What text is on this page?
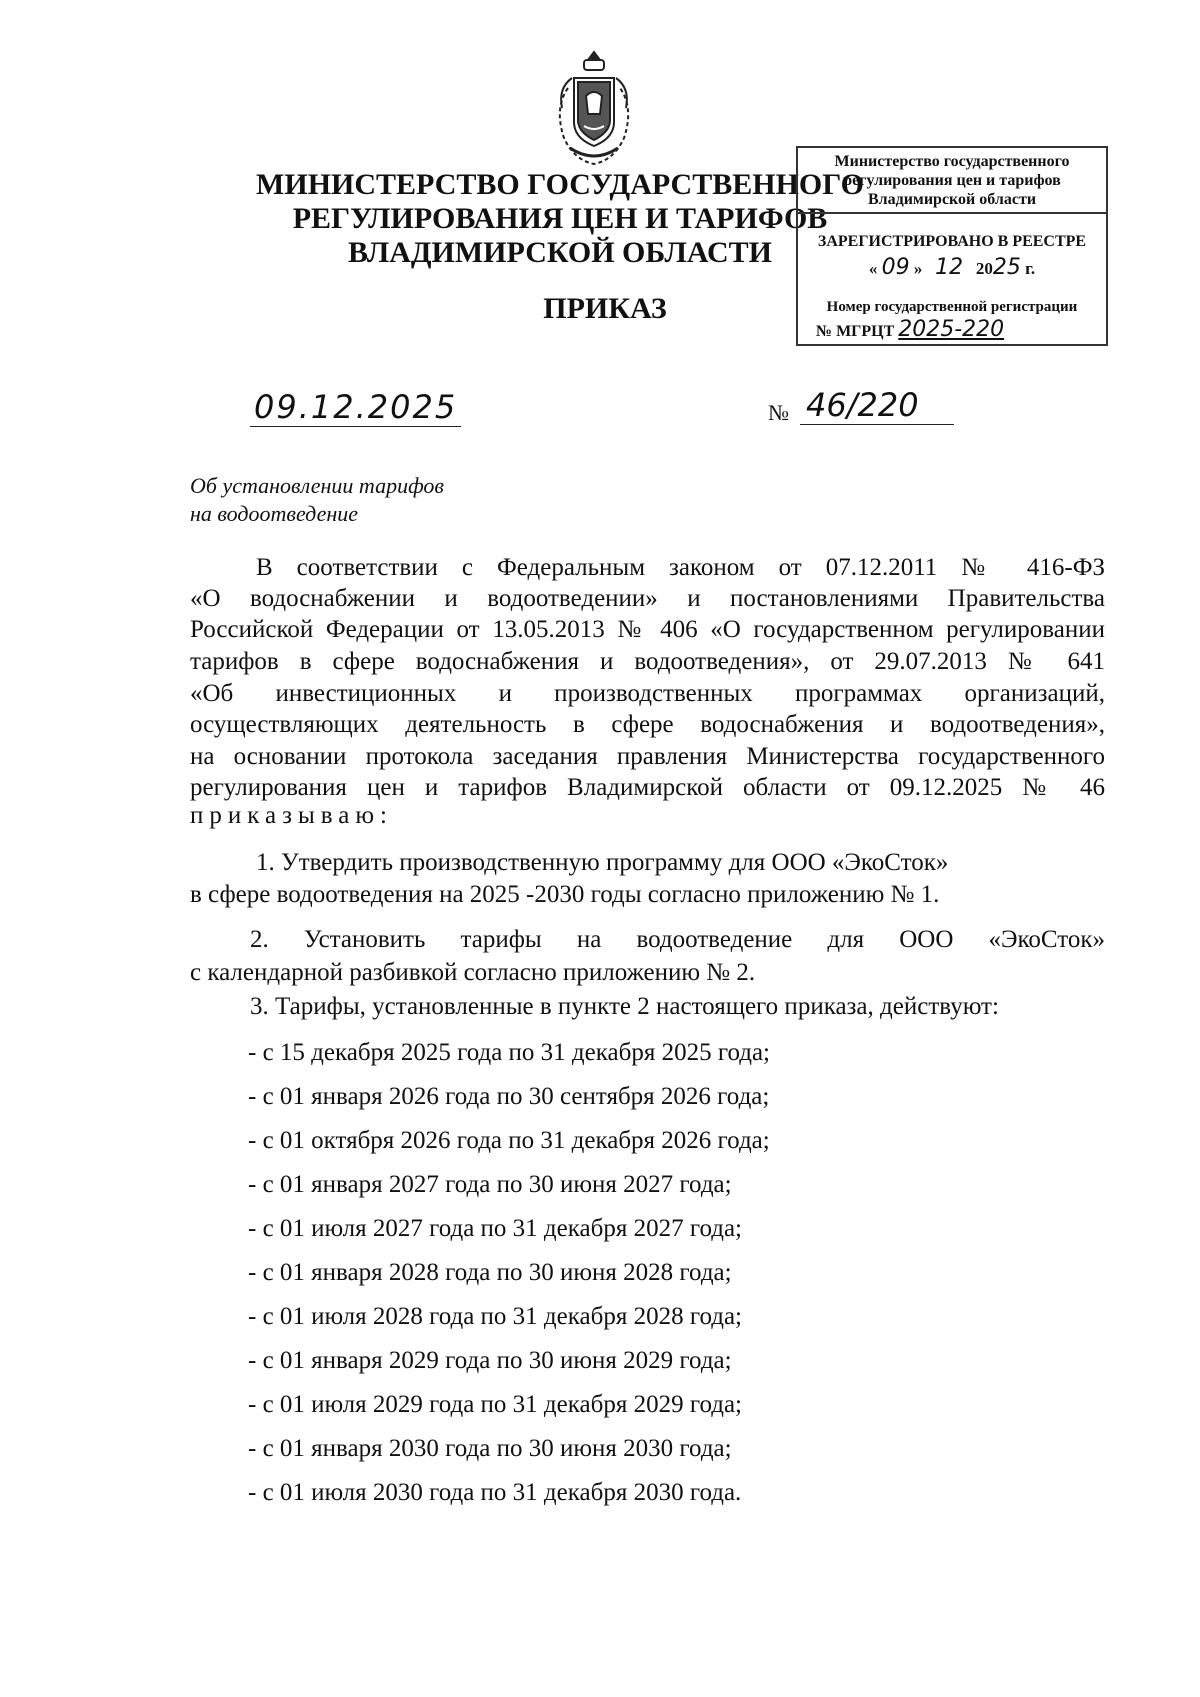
МИНИСТЕРСТВО ГОСУДАРСТВЕННОГО
РЕГУЛИРОВАНИЯ ЦЕН И ТАРИФОВ
ВЛАДИМИРСКОЙ ОБЛАСТИ
ПРИКАЗ
Министерство государственного
регулирования цен и тарифов
Владимирской области
ЗАРЕГИСТРИРОВАНО В РЕЕСТРЕ
« 09 » 12 2025 г.
Номер государственной регистрации
№ МГРЦТ 2025-220
09.12.2025	№ 46/220
Об установлении тарифов
на водоотведение
В соответствии с Федеральным законом от 07.12.2011 № 416-ФЗ
«О водоснабжении и водоотведении» и постановлениями Правительства
Российской Федерации от 13.05.2013 № 406 «О государственном регулировании
тарифов в сфере водоснабжения и водоотведения», от 29.07.2013 № 641
«Об инвестиционных и производственных программах организаций,
осуществляющих деятельность в сфере водоснабжения и водоотведения»,
на основании протокола заседания правления Министерства государственного
регулирования цен и тарифов Владимирской области от 09.12.2025 № 46
приказываю:
1. Утвердить производственную программу для ООО «ЭкоСток»
в сфере водоотведения на 2025 -2030 годы согласно приложению № 1.
2. Установить тарифы на водоотведение для ООО «ЭкоСток»
с календарной разбивкой согласно приложению № 2.
3. Тарифы, установленные в пункте 2 настоящего приказа, действуют:
- с 15 декабря 2025 года по 31 декабря 2025 года;
- с 01 января 2026 года по 30 сентября 2026 года;
- с 01 октября 2026 года по 31 декабря 2026 года;
- с 01 января 2027 года по 30 июня 2027 года;
- с 01 июля 2027 года по 31 декабря 2027 года;
- с 01 января 2028 года по 30 июня 2028 года;
- с 01 июля 2028 года по 31 декабря 2028 года;
- с 01 января 2029 года по 30 июня 2029 года;
- с 01 июля 2029 года по 31 декабря 2029 года;
- с 01 января 2030 года по 30 июня 2030 года;
- с 01 июля 2030 года по 31 декабря 2030 года.
